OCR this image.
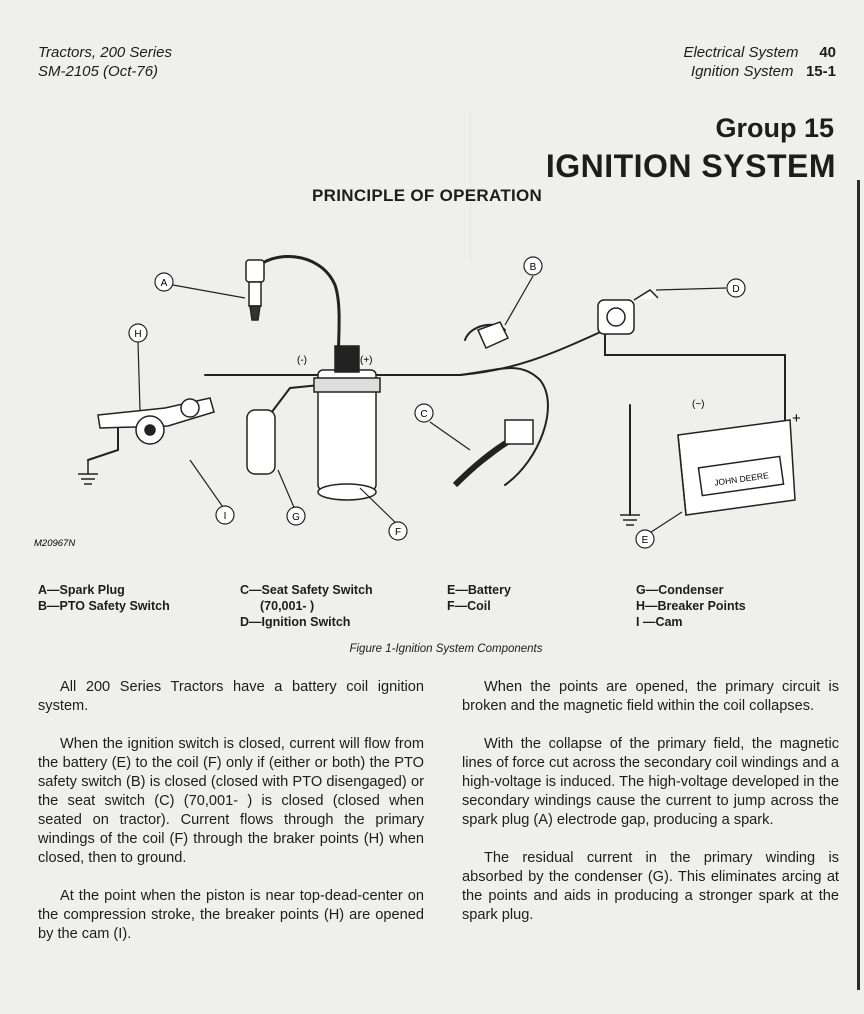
Tractors, 200 Series
SM-2105 (Oct-76)
Electrical System 40
Ignition System 15-1
Group 15
IGNITION SYSTEM
PRINCIPLE OF OPERATION
JOHN DEERE
(−)
+
(-)	(+)
M20967N
A
B
C
D
E
F
G
H
I
A—Spark Plug
B—PTO Safety Switch
C—Seat Safety Switch
(70,001- )
D—Ignition Switch
E—Battery
F—Coil
G—Condenser
H—Breaker Points
I —Cam
Figure 1-Ignition System Components

All 200 Series Tractors have a battery coil ignition system.

When the ignition switch is closed, current will flow from the battery (E) to the coil (F) only if (either or both) the PTO safety switch (B) is closed (closed with PTO disengaged) or the seat switch (C) (70,001- ) is closed (closed when seated on tractor). Current flows through the primary windings of the coil (F) through the braker points (H) when closed, then to ground.

At the point when the piston is near top-dead-center on the compression stroke, the breaker points (H) are opened by the cam (I).

When the points are opened, the primary circuit is broken and the magnetic field within the coil collapses.

With the collapse of the primary field, the magnetic lines of force cut across the secondary coil windings and a high-voltage is induced. The high-voltage developed in the secondary windings cause the current to jump across the spark plug (A) electrode gap, producing a spark.

The residual current in the primary winding is absorbed by the condenser (G). This eliminates arcing at the points and aids in producing a stronger spark at the spark plug.
